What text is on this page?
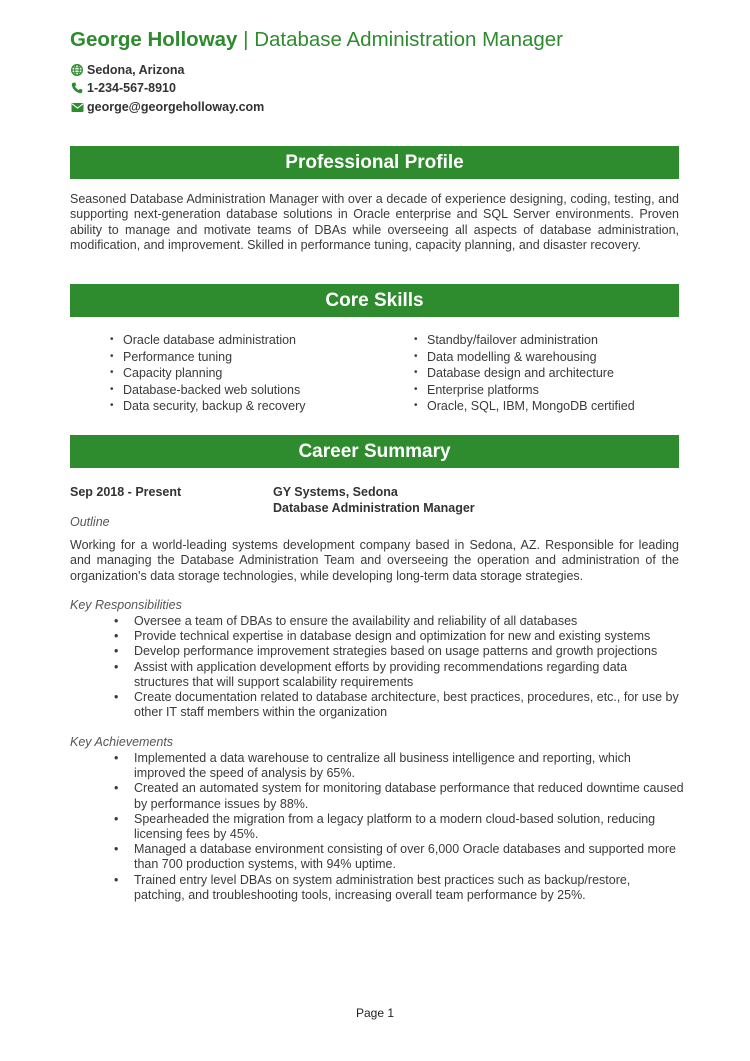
George Holloway | Database Administration Manager
Sedona, Arizona
1-234-567-8910
george@georgeholloway.com
Professional Profile
Seasoned Database Administration Manager with over a decade of experience designing, coding, testing, and supporting next-generation database solutions in Oracle enterprise and SQL Server environments. Proven ability to manage and motivate teams of DBAs while overseeing all aspects of database administration, modification, and improvement. Skilled in performance tuning, capacity planning, and disaster recovery.
Core Skills
• Oracle database administration
• Performance tuning
• Capacity planning
• Database-backed web solutions
• Data security, backup & recovery
• Standby/failover administration
• Data modelling & warehousing
• Database design and architecture
• Enterprise platforms
• Oracle, SQL, IBM, MongoDB certified
Career Summary
Sep 2018 - Present	GY Systems, Sedona
Database Administration Manager
Outline
Working for a world-leading systems development company based in Sedona, AZ. Responsible for leading and managing the Database Administration Team and overseeing the operation and administration of the organization's data storage technologies, while developing long-term data storage strategies.
Key Responsibilities
• Oversee a team of DBAs to ensure the availability and reliability of all databases
• Provide technical expertise in database design and optimization for new and existing systems
• Develop performance improvement strategies based on usage patterns and growth projections
• Assist with application development efforts by providing recommendations regarding data structures that will support scalability requirements
• Create documentation related to database architecture, best practices, procedures, etc., for use by other IT staff members within the organization
Key Achievements
• Implemented a data warehouse to centralize all business intelligence and reporting, which improved the speed of analysis by 65%.
• Created an automated system for monitoring database performance that reduced downtime caused by performance issues by 88%.
• Spearheaded the migration from a legacy platform to a modern cloud-based solution, reducing licensing fees by 45%.
• Managed a database environment consisting of over 6,000 Oracle databases and supported more than 700 production systems, with 94% uptime.
• Trained entry level DBAs on system administration best practices such as backup/restore, patching, and troubleshooting tools, increasing overall team performance by 25%.
Page 1
